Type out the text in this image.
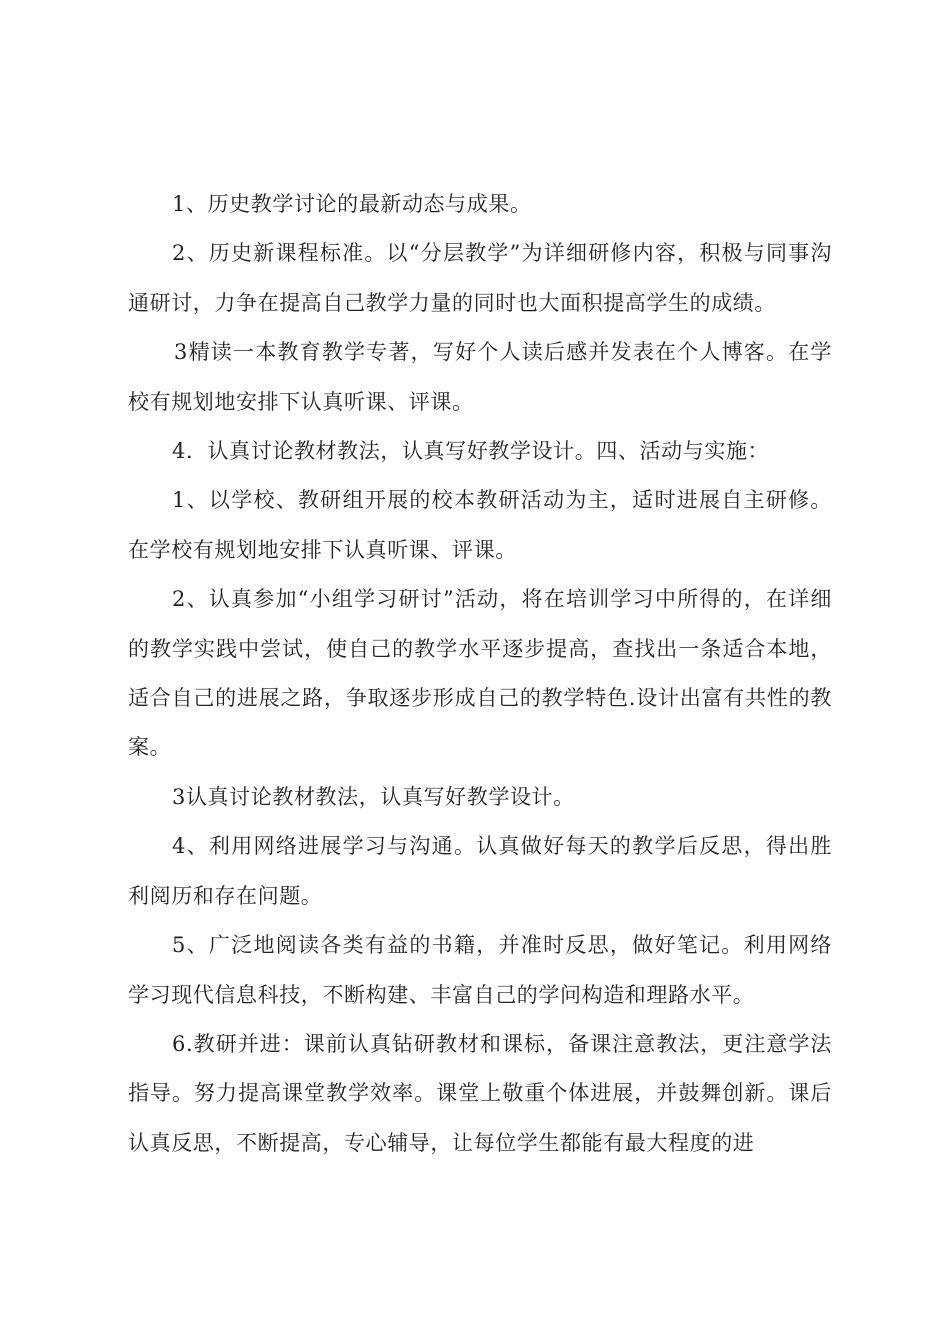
1、历史教学讨论的最新动态与成果。

2、历史新课程标准。以“分层教学”为详细研修内容，积极与同事沟通研讨，力争在提高自己教学力量的同时也大面积提高学生的成绩。

3精读一本教育教学专著，写好个人读后感并发表在个人博客。在学校有规划地安排下认真听课、评课。

4．认真讨论教材教法，认真写好教学设计。四、活动与实施：

1、以学校、教研组开展的校本教研活动为主，适时进展自主研修。在学校有规划地安排下认真听课、评课。

2、认真参加“小组学习研讨”活动，将在培训学习中所得的，在详细的教学实践中尝试，使自己的教学水平逐步提高，查找出一条适合本地，适合自己的进展之路，争取逐步形成自己的教学特色.设计出富有共性的教案。

3认真讨论教材教法，认真写好教学设计。

4、利用网络进展学习与沟通。认真做好每天的教学后反思，得出胜利阅历和存在问题。

5、广泛地阅读各类有益的书籍，并准时反思，做好笔记。利用网络学习现代信息科技，不断构建、丰富自己的学问构造和理路水平。

6.教研并进：课前认真钻研教材和课标，备课注意教法，更注意学法指导。努力提高课堂教学效率。课堂上敬重个体进展，并鼓舞创新。课后认真反思，不断提高，专心辅导，让每位学生都能有最大程度的进
